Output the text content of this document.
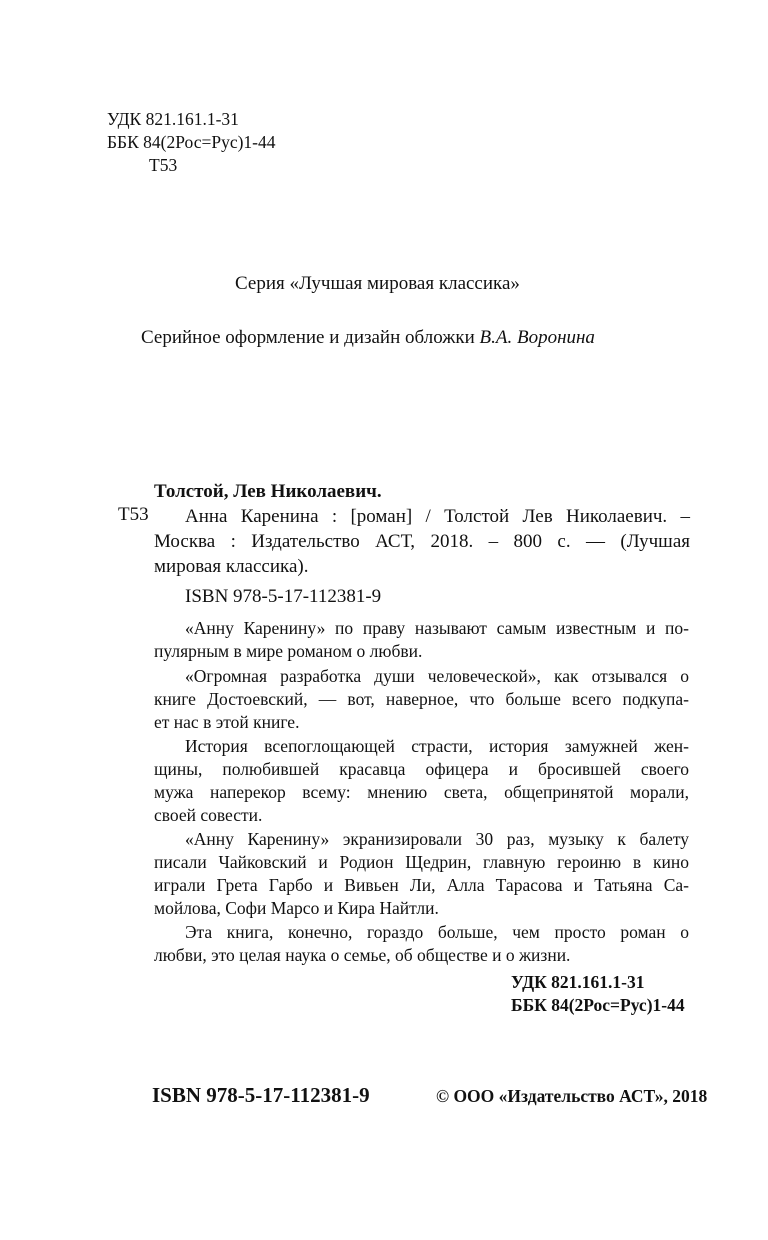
УДК 821.161.1-31
ББК 84(2Рос=Рус)1-44
Т53
Серия «Лучшая мировая классика»
Серийное оформление и дизайн обложки В.А. Воронина
Толстой, Лев Николаевич.
Т53 Анна Каренина : [роман] / Толстой Лев Николаевич. –
Москва : Издательство АСТ, 2018. – 800 с. — (Лучшая
мировая классика).
ISBN 978-5-17-112381-9
«Анну Каренину» по праву называют самым известным и по-
пулярным в мире романом о любви.
«Огромная разработка души человеческой», как отзывался о
книге Достоевский, — вот, наверное, что больше всего подкупа-
ет нас в этой книге.
История всепоглощающей страсти, история замужней жен-
щины, полюбившей красавца офицера и бросившей своего
мужа наперекор всему: мнению света, общепринятой морали,
своей совести.
«Анну Каренину» экранизировали 30 раз, музыку к балету
писали Чайковский и Родион Щедрин, главную героиню в кино
играли Грета Гарбо и Вивьен Ли, Алла Тарасова и Татьяна Са-
мойлова, Софи Марсо и Кира Найтли.
Эта книга, конечно, гораздо больше, чем просто роман о
любви, это целая наука о семье, об обществе и о жизни.
УДК 821.161.1-31
ББК 84(2Рос=Рус)1-44
ISBN 978-5-17-112381-9	© ООО «Издательство АСТ», 2018
